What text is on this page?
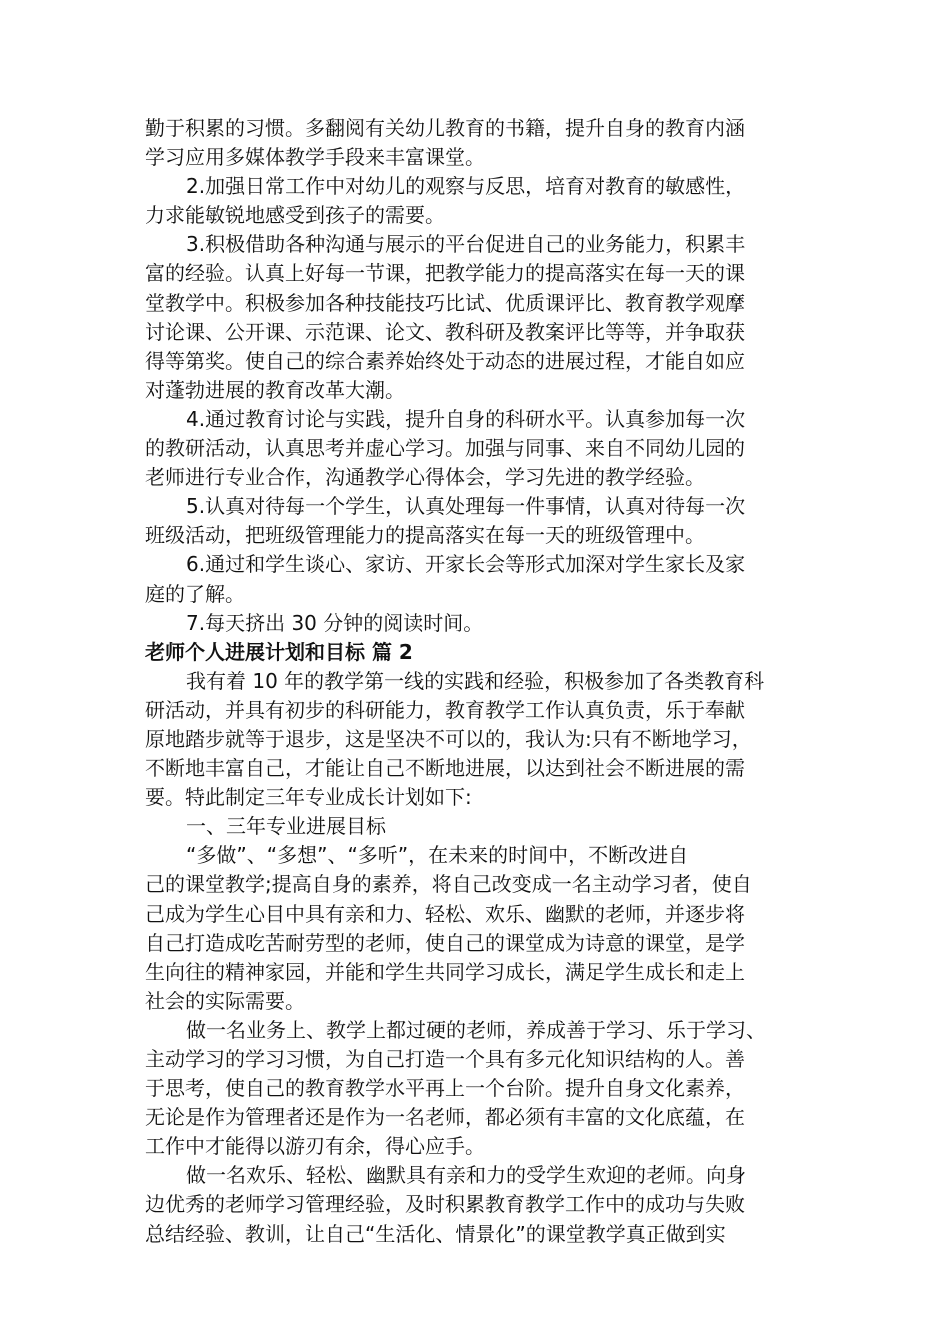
勤于积累的习惯。多翻阅有关幼儿教育的书籍，提升自身的教育内涵
学习应用多媒体教学手段来丰富课堂。
2.加强日常工作中对幼儿的观察与反思，培育对教育的敏感性，
力求能敏锐地感受到孩子的需要。
3.积极借助各种沟通与展示的平台促进自己的业务能力，积累丰
富的经验。认真上好每一节课，把教学能力的提高落实在每一天的课
堂教学中。积极参加各种技能技巧比试、优质课评比、教育教学观摩
讨论课、公开课、示范课、论文、教科研及教案评比等等，并争取获
得等第奖。使自己的综合素养始终处于动态的进展过程，才能自如应
对蓬勃进展的教育改革大潮。
4.通过教育讨论与实践，提升自身的科研水平。认真参加每一次
的教研活动，认真思考并虚心学习。加强与同事、来自不同幼儿园的
老师进行专业合作，沟通教学心得体会，学习先进的教学经验。
5.认真对待每一个学生，认真处理每一件事情，认真对待每一次
班级活动，把班级管理能力的提高落实在每一天的班级管理中。
6.通过和学生谈心、家访、开家长会等形式加深对学生家长及家
庭的了解。
7.每天挤出 30 分钟的阅读时间。
老师个人进展计划和目标 篇 2
我有着 10 年的教学第一线的实践和经验，积极参加了各类教育科
研活动，并具有初步的科研能力，教育教学工作认真负责，乐于奉献
原地踏步就等于退步，这是坚决不可以的，我认为:只有不断地学习，
不断地丰富自己，才能让自己不断地进展，以达到社会不断进展的需
要。特此制定三年专业成长计划如下:
一、三年专业进展目标
“多做”、“多想”、“多听”，在未来的时间中，不断改进自
己的课堂教学;提高自身的素养，将自己改变成一名主动学习者，使自
己成为学生心目中具有亲和力、轻松、欢乐、幽默的老师，并逐步将
自己打造成吃苦耐劳型的老师，使自己的课堂成为诗意的课堂，是学
生向往的精神家园，并能和学生共同学习成长，满足学生成长和走上
社会的实际需要。
做一名业务上、教学上都过硬的老师，养成善于学习、乐于学习、
主动学习的学习习惯，为自己打造一个具有多元化知识结构的人。善
于思考，使自己的教育教学水平再上一个台阶。提升自身文化素养，
无论是作为管理者还是作为一名老师，都必须有丰富的文化底蕴，在
工作中才能得以游刃有余，得心应手。
做一名欢乐、轻松、幽默具有亲和力的受学生欢迎的老师。向身
边优秀的老师学习管理经验，及时积累教育教学工作中的成功与失败
总结经验、教训，让自己“生活化、情景化”的课堂教学真正做到实
